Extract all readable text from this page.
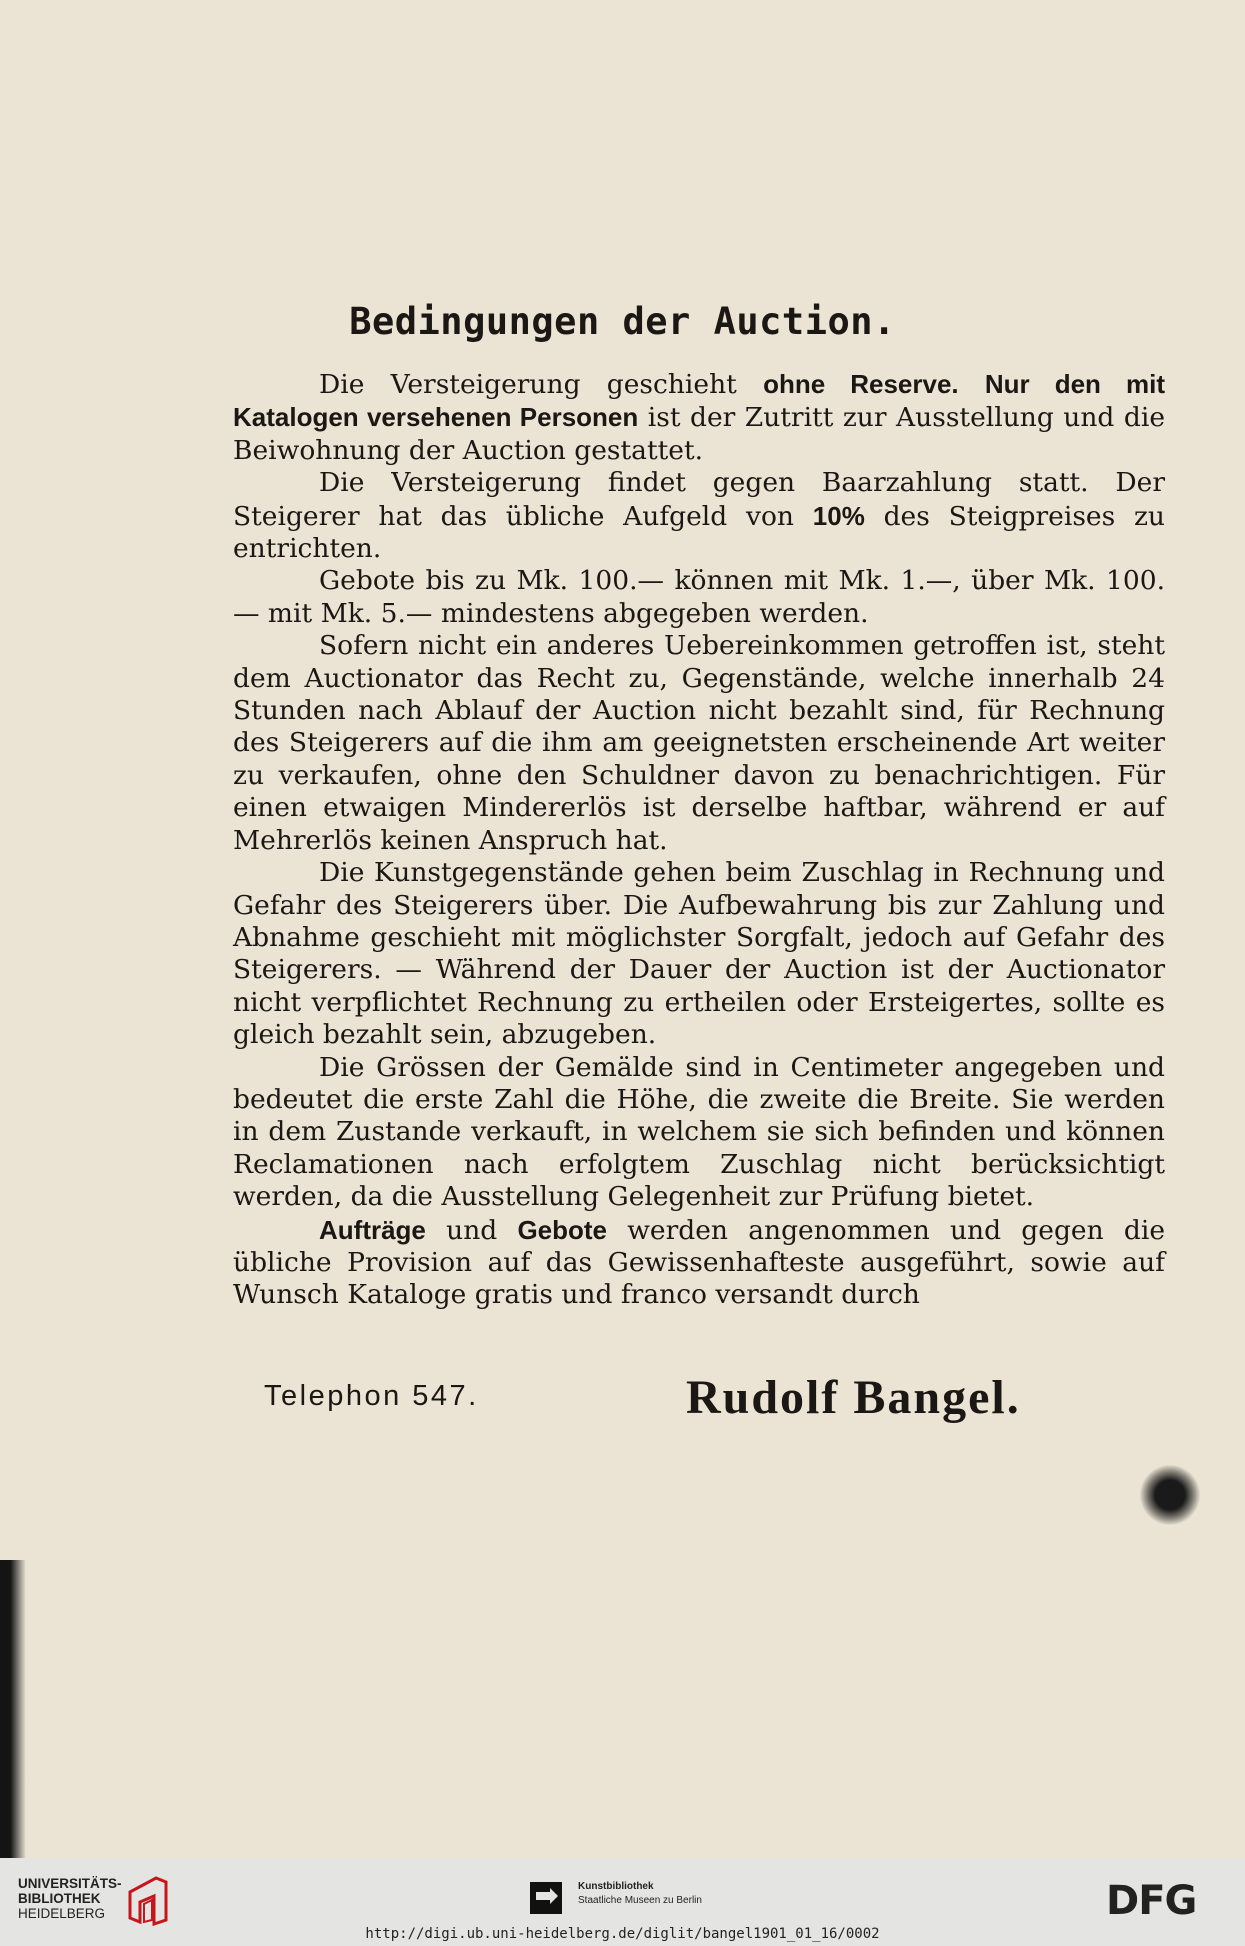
Bedingungen der Auction.

Die Versteigerung geschieht ohne Reserve. Nur den mit Katalogen versehenen Personen ist der Zutritt zur Ausstellung und die Beiwohnung der Auction gestattet.

Die Versteigerung findet gegen Baarzahlung statt. Der Steigerer hat das übliche Aufgeld von 10% des Steigpreises zu entrichten.

Gebote bis zu Mk. 100.— können mit Mk. 1.—, über Mk. 100.— mit Mk. 5.— mindestens abgegeben werden.

Sofern nicht ein anderes Uebereinkommen getroffen ist, steht dem Auctionator das Recht zu, Gegenstände, welche innerhalb 24 Stunden nach Ablauf der Auction nicht bezahlt sind, für Rechnung des Steigerers auf die ihm am geeignetsten erscheinende Art weiter zu verkaufen, ohne den Schuldner davon zu benachrichtigen. Für einen etwaigen Mindererlös ist derselbe haftbar, während er auf Mehrerlös keinen Anspruch hat.

Die Kunstgegenstände gehen beim Zuschlag in Rechnung und Gefahr des Steigerers über. Die Aufbewahrung bis zur Zahlung und Abnahme geschieht mit möglichster Sorgfalt, jedoch auf Gefahr des Steigerers. — Während der Dauer der Auction ist der Auctionator nicht verpflichtet Rechnung zu ertheilen oder Ersteigertes, sollte es gleich bezahlt sein, abzugeben.

Die Grössen der Gemälde sind in Centimeter angegeben und bedeutet die erste Zahl die Höhe, die zweite die Breite. Sie werden in dem Zustande verkauft, in welchem sie sich befinden und können Reclamationen nach erfolgtem Zuschlag nicht berücksichtigt werden, da die Ausstellung Gelegenheit zur Prüfung bietet.

Aufträge und Gebote werden angenommen und gegen die übliche Provision auf das Gewissenhafteste ausgeführt, sowie auf Wunsch Kataloge gratis und franco versandt durch

Telephon 547.	Rudolf Bangel.

UNIVERSITÄTS-
BIBLIOTHEK
HEIDELBERG
Kunstbibliothek
Staatliche Museen zu Berlin	DFG
http://digi.ub.uni-heidelberg.de/diglit/bangel1901_01_16/0002
